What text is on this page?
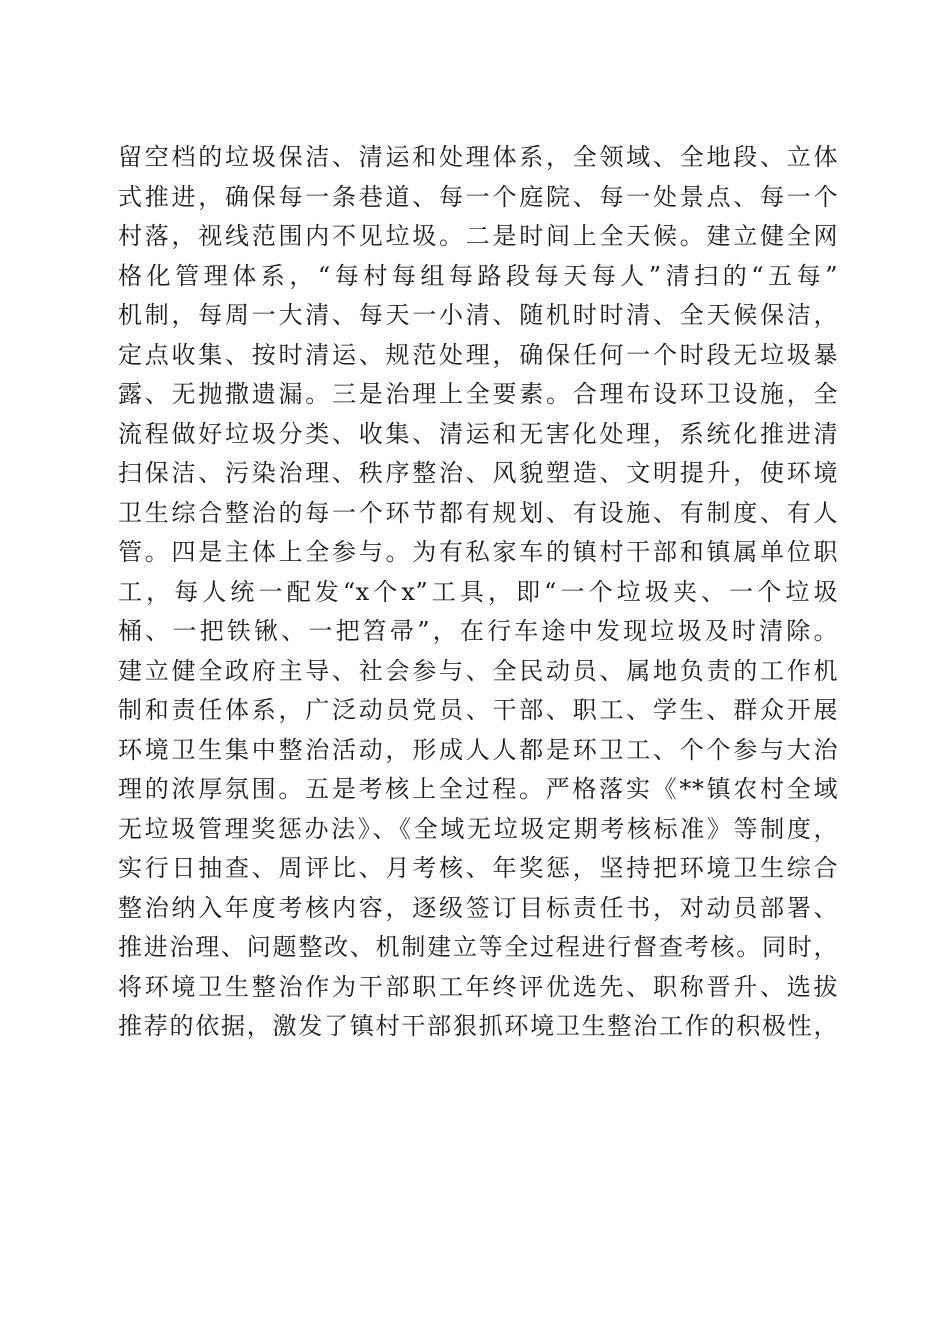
留空档的垃圾保洁、清运和处理体系，全领域、全地段、立体
式推进，确保每一条巷道、每一个庭院、每一处景点、每一个
村落，视线范围内不见垃圾。二是时间上全天候。建立健全网
格化管理体系，“每村每组每路段每天每人”清扫的“五每”
机制，每周一大清、每天一小清、随机时时清、全天候保洁，
定点收集、按时清运、规范处理，确保任何一个时段无垃圾暴
露、无抛撒遗漏。三是治理上全要素。合理布设环卫设施，全
流程做好垃圾分类、收集、清运和无害化处理，系统化推进清
扫保洁、污染治理、秩序整治、风貌塑造、文明提升，使环境
卫生综合整治的每一个环节都有规划、有设施、有制度、有人
管。四是主体上全参与。为有私家车的镇村干部和镇属单位职
工，每人统一配发“x个x”工具，即“一个垃圾夹、一个垃圾
桶、一把铁锹、一把笤帚”，在行车途中发现垃圾及时清除。
建立健全政府主导、社会参与、全民动员、属地负责的工作机
制和责任体系，广泛动员党员、干部、职工、学生、群众开展
环境卫生集中整治活动，形成人人都是环卫工、个个参与大治
理的浓厚氛围。五是考核上全过程。严格落实《**镇农村全域
无垃圾管理奖惩办法》、《全域无垃圾定期考核标准》等制度，
实行日抽查、周评比、月考核、年奖惩，坚持把环境卫生综合
整治纳入年度考核内容，逐级签订目标责任书，对动员部署、
推进治理、问题整改、机制建立等全过程进行督查考核。同时，
将环境卫生整治作为干部职工年终评优选先、职称晋升、选拔
推荐的依据，激发了镇村干部狠抓环境卫生整治工作的积极性，
